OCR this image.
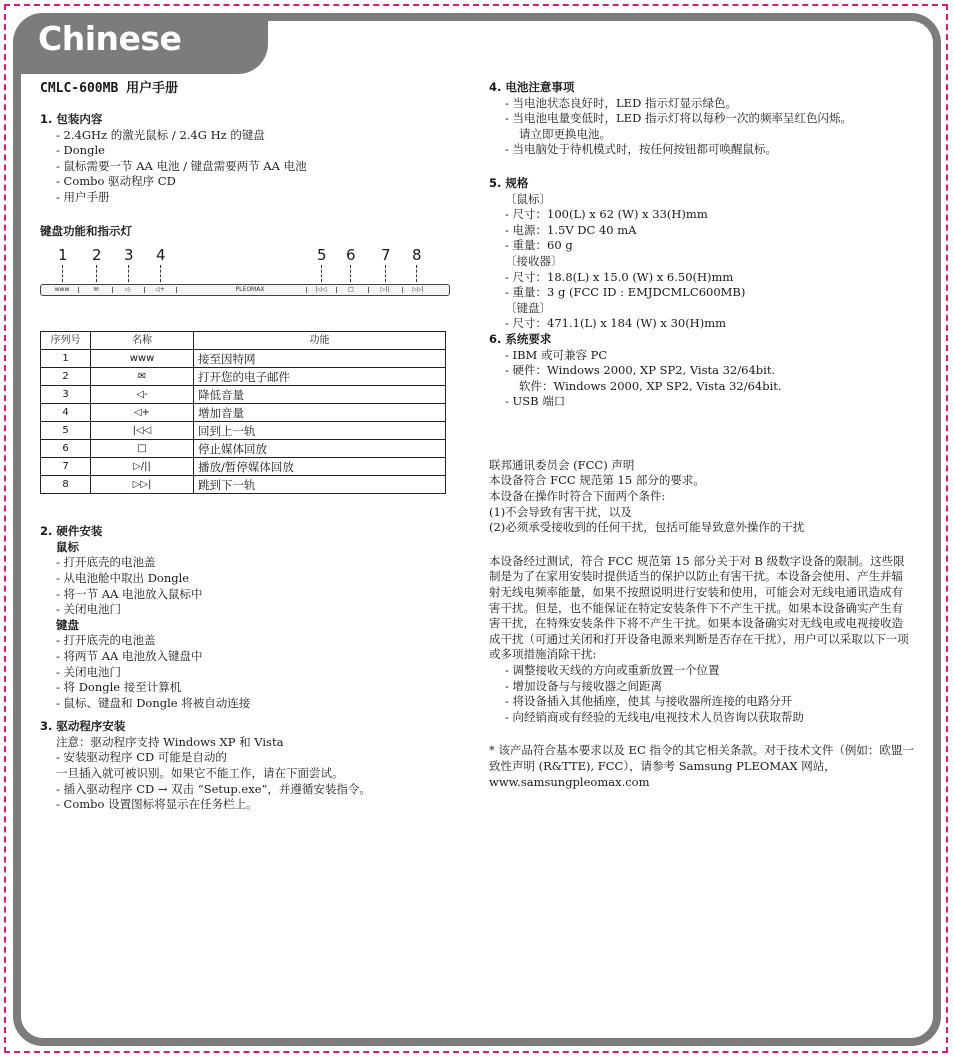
Chinese
CMLC-600MB 用户手册
1. 包装内容
- 2.4GHz 的激光鼠标 / 2.4G Hz 的键盘
- Dongle
- 鼠标需要一节 AA 电池 / 键盘需要两节 AA 电池
- Combo 驱动程序 CD
- 用户手册
键盘功能和指示灯
1 2 3 4	5 6 7 8
www	✉	◁-	◁+	PLEOMAX	|◁◁	□	▷||	▷▷|
序列号	名称	功能
1	www	接至因特网
2	✉	打开您的电子邮件
3	◁-	降低音量
4	◁+	增加音量
5	|◁◁	回到上一轨
6	□	停止媒体回放
7	▷/||	播放/暂停媒体回放
8	▷▷|	跳到下一轨
2. 硬件安装
鼠标
- 打开底壳的电池盖
- 从电池舱中取出 Dongle
- 将一节 AA 电池放入鼠标中
- 关闭电池门
键盘
- 打开底壳的电池盖
- 将两节 AA 电池放入键盘中
- 关闭电池门
- 将 Dongle 接至计算机
- 鼠标、键盘和 Dongle 将被自动连接
3. 驱动程序安装
注意：驱动程序支持 Windows XP 和 Vista
- 安装驱动程序 CD 可能是自动的
一旦插入就可被识别。如果它不能工作，请在下面尝试。
- 插入驱动程序 CD → 双击 “Setup.exe”，并遵循安装指令。
- Combo 设置图标将显示在任务栏上。
4. 电池注意事项
- 当电池状态良好时，LED 指示灯显示绿色。
- 当电池电量变低时，LED 指示灯将以每秒一次的频率呈红色闪烁。
请立即更换电池。
- 当电脑处于待机模式时，按任何按钮都可唤醒鼠标。
5. 规格
〔鼠标〕
- 尺寸：100(L) x 62 (W) x 33(H)mm
- 电源：1.5V DC 40 mA
- 重量：60 g
〔接收器〕
- 尺寸：18.8(L) x 15.0 (W) x 6.50(H)mm
- 重量：3 g (FCC ID : EMJDCMLC600MB)
〔键盘〕
- 尺寸：471.1(L) x 184 (W) x 30(H)mm
6. 系统要求
- IBM 或可兼容 PC
- 硬件：Windows 2000, XP SP2, Vista 32/64bit.
软件：Windows 2000, XP SP2, Vista 32/64bit.
- USB 端口
联邦通讯委员会 (FCC) 声明
本设备符合 FCC 规范第 15 部分的要求。
本设备在操作时符合下面两个条件:
(1)不会导致有害干扰，以及
(2)必须承受接收到的任何干扰，包括可能导致意外操作的干扰
本设备经过测试，符合 FCC 规范第 15 部分关于对 B 级数字设备的限制。这些限制是为了在家用安装时提供适当的保护以防止有害干扰。本设备会使用、产生并辐射无线电频率能量，如果不按照说明进行安装和使用，可能会对无线电通讯造成有害干扰。但是，也不能保证在特定安装条件下不产生干扰。如果本设备确实产生有害干扰，在特殊安装条件下将不产生干扰。如果本设备确实对无线电或电视接收造成干扰（可通过关闭和打开设备电源来判断是否存在干扰），用户可以采取以下一项或多项措施消除干扰:
- 调整接收天线的方向或重新放置一个位置
- 增加设备与与接收器之间距离
- 将设备插入其他插座，使其 与接收器所连接的电路分开
- 向经销商或有经验的无线电/电视技术人员咨询以获取帮助
* 该产品符合基本要求以及 EC 指令的其它相关条款。对于技术文件（例如：欧盟一致性声明 (R&TTE), FCC），请参考 Samsung PLEOMAX 网站，www.samsungpleomax.com
